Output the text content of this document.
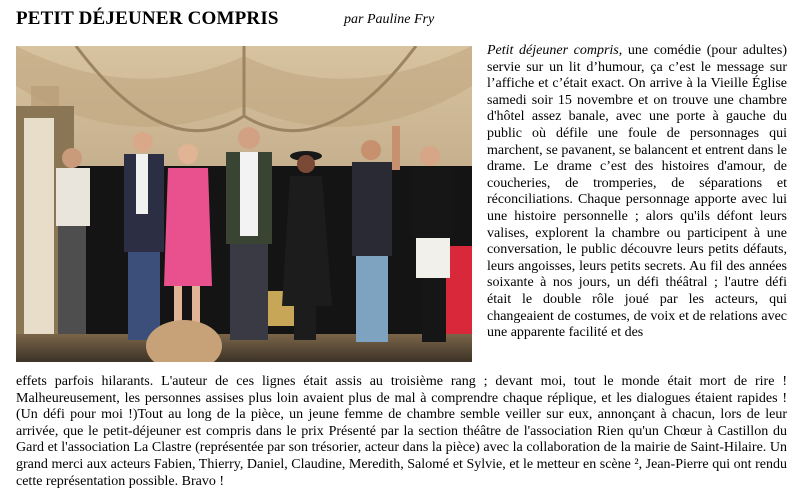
PETIT DÉJEUNER COMPRIS	par Pauline Fry

Petit déjeuner compris, une comédie (pour adultes) servie sur un lit d’humour, ça c’est le message sur l’affiche et c’était exact. On arrive à la Vieille Église samedi soir 15 novembre et on trouve une chambre d'hôtel assez banale, avec une porte à gauche du public où défile une foule de personnages qui marchent, se pavanent, se balancent et entrent dans le drame. Le drame c’est des histoires d'amour, de coucheries, de tromperies, de séparations et réconciliations. Chaque personnage apporte avec lui une histoire personnelle ; alors qu'ils défont leurs valises, explorent la chambre ou participent à une conversation, le public découvre leurs petits défauts, leurs angoisses, leurs petits secrets. Au fil des années soixante à nos jours, un défi théâtral ; l'autre défi était le double rôle joué par les acteurs, qui changeaient de costumes, de voix et de relations avec une apparente facilité et des

effets parfois hilarants. L'auteur de ces lignes était assis au troisième rang ; devant moi, tout le monde était mort de rire ! Malheureusement, les personnes assises plus loin avaient plus de mal à comprendre chaque réplique, et les dialogues étaient rapides ! (Un défi pour moi !)Tout au long de la pièce, un jeune femme de chambre semble veiller sur eux, annonçant à chacun, lors de leur arrivée, que le petit-déjeuner est compris dans le prix Présenté par la section théâtre de l'association Rien qu'un Chœur à Castillon du Gard et l'association La Clastre (représentée par son trésorier, acteur dans la pièce) avec la collaboration de la mairie de Saint-Hilaire. Un grand merci aux acteurs Fabien, Thierry, Daniel, Claudine, Meredith, Salomé et Sylvie, et le metteur en scène ², Jean-Pierre qui ont rendu cette représentation possible. Bravo !
